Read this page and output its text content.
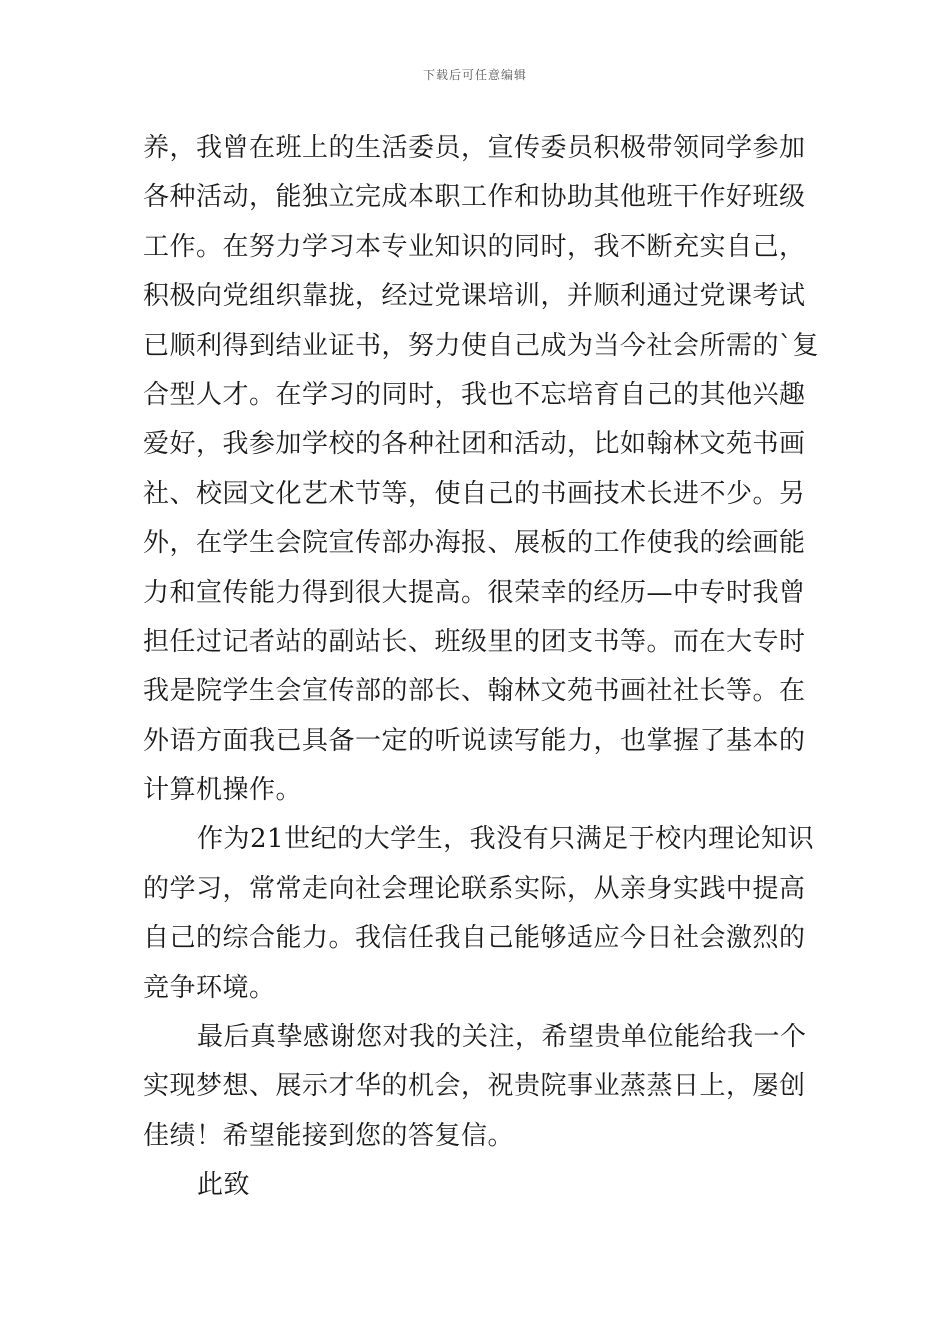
下载后可任意编辑
养，我曾在班上的生活委员，宣传委员积极带领同学参加
各种活动，能独立完成本职工作和协助其他班干作好班级
工作。在努力学习本专业知识的同时，我不断充实自己，
积极向党组织靠拢，经过党课培训，并顺利通过党课考试
已顺利得到结业证书，努力使自己成为当今社会所需的`复
合型人才。在学习的同时，我也不忘培育自己的其他兴趣
爱好，我参加学校的各种社团和活动，比如翰林文苑书画
社、校园文化艺术节等，使自己的书画技术长进不少。另
外，在学生会院宣传部办海报、展板的工作使我的绘画能
力和宣传能力得到很大提高。很荣幸的经历—中专时我曾
担任过记者站的副站长、班级里的团支书等。而在大专时
我是院学生会宣传部的部长、翰林文苑书画社社长等。在
外语方面我已具备一定的听说读写能力，也掌握了基本的
计算机操作。
作为21世纪的大学生，我没有只满足于校内理论知识
的学习，常常走向社会理论联系实际，从亲身实践中提高
自己的综合能力。我信任我自己能够适应今日社会激烈的
竞争环境。
最后真挚感谢您对我的关注，希望贵单位能给我一个
实现梦想、展示才华的机会，祝贵院事业蒸蒸日上，屡创
佳绩！希望能接到您的答复信。
此致
